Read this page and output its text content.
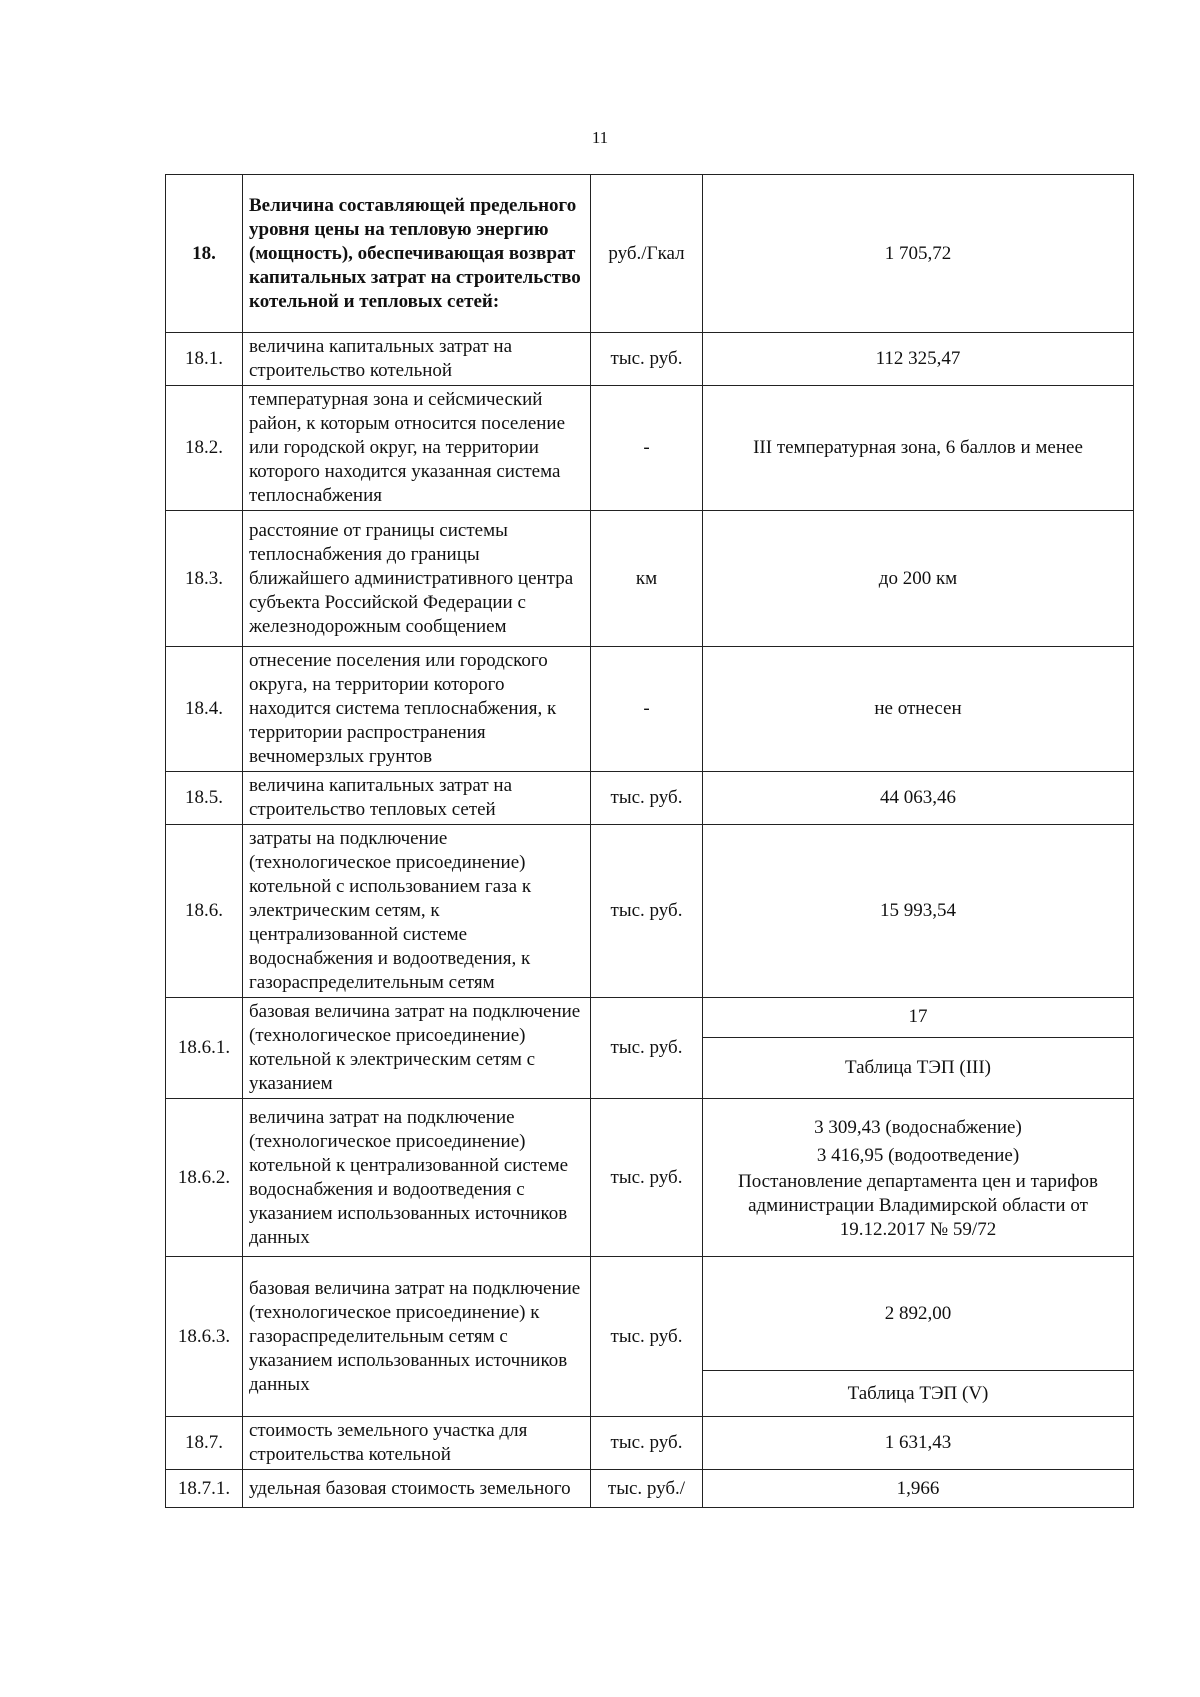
11
18.	Величина составляющей предельного уровня цены на тепловую энергию (мощность), обеспечивающая возврат капитальных затрат на строительство котельной и тепловых сетей:	руб./Гкал	1 705,72
18.1.	величина капитальных затрат на строительство котельной	тыс. руб.	112 325,47
18.2.	температурная зона и сейсмический район, к которым относится поселение или городской округ, на территории которого находится указанная система теплоснабжения	-	III температурная зона, 6 баллов и менее
18.3.	расстояние от границы системы теплоснабжения до границы ближайшего административного центра субъекта Российской Федерации с железнодорожным сообщением	км	до 200 км
18.4.	отнесение поселения или городского округа, на территории которого находится система теплоснабжения, к территории распространения вечномерзлых грунтов	-	не отнесен
18.5.	величина капитальных затрат на строительство тепловых сетей	тыс. руб.	44 063,46
18.6.	затраты на подключение (технологическое присоединение) котельной с использованием газа к электрическим сетям, к централизованной системе водоснабжения и водоотведения, к газораспределительным сетям	тыс. руб.	15 993,54
18.6.1.	базовая величина затрат на подключение (технологическое присоединение) котельной к электрическим сетям с указанием	тыс. руб.	17
			Таблица ТЭП (III)
18.6.2.	величина затрат на подключение (технологическое присоединение) котельной к централизованной системе водоснабжения и водоотведения с указанием использованных источников данных	тыс. руб.	3 309,43 (водоснабжение)
3 416,95 (водоотведение)
Постановление департамента цен и тарифов администрации Владимирской области от 19.12.2017 № 59/72

18.6.3.	базовая величина затрат на подключение (технологическое присоединение) к газораспределительным сетям с указанием использованных источников данных	тыс. руб.	2 892,00
			Таблица ТЭП (V)
18.7.	стоимость земельного участка для строительства котельной	тыс. руб.	1 631,43
18.7.1.	удельная базовая стоимость земельного	тыс. руб./	1,966
